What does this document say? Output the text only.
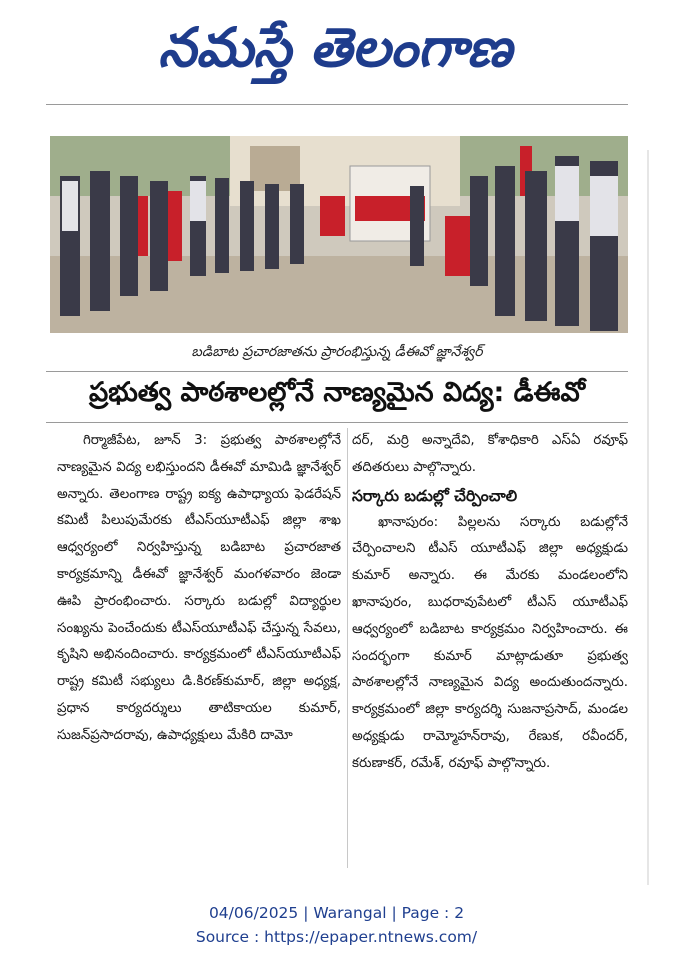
నమస్తే తెలంగాణ
బడిబాట ప్రచారజాతను ప్రారంభిస్తున్న డీఈవో జ్ఞానేశ్వర్
ప్రభుత్వ పాఠశాలల్లోనే నాణ్యమైన విద్య: డీఈవో

గిర్మాజీపేట, జూన్ 3: ప్రభుత్వ పాఠశాలల్లోనే నాణ్యమైన విద్య లభిస్తుందని డీఈవో మామిడి జ్ఞానేశ్వర్ అన్నారు. తెలంగాణ రాష్ట్ర ఐక్య ఉపాధ్యాయ ఫెడరేషన్ కమిటీ పిలుపుమేరకు టీఎస్‌యూటీఎఫ్ జిల్లా శాఖ ఆధ్వర్యంలో నిర్వహిస్తున్న బడిబాట ప్రచారజాత కార్యక్రమాన్ని డీఈవో జ్ఞానేశ్వర్ మంగళవారం జెండా ఊపి ప్రారంభించారు. సర్కారు బడుల్లో విద్యార్థుల సంఖ్యను పెంచేందుకు టీఎస్‌యూటీఎఫ్ చేస్తున్న సేవలు, కృషిని అభినందించారు. కార్యక్రమంలో టీఎస్‌యూటీఎఫ్ రాష్ట్ర కమిటీ సభ్యులు డి.కిరణ్‌కుమార్, జిల్లా అధ్యక్ష, ప్రధాన కార్యదర్శులు తాటికాయల కుమార్, సుజన్‌ప్రసాదరావు, ఉపాధ్యక్షులు మేకిరి దామో

దర్, మర్రి అన్నాదేవి, కోశాధికారి ఎస్‌ఏ రవూఫ్ తదితరులు పాల్గొన్నారు.

సర్కారు బడుల్లో చేర్పించాలి

ఖానాపురం: పిల్లలను సర్కారు బడుల్లోనే చేర్పించాలని టీఎస్ యూటీఎఫ్ జిల్లా అధ్యక్షుడు కుమార్ అన్నారు. ఈ మేరకు మండలంలోని ఖానాపురం, బుధరావుపేటలో టీఎస్ యూటీఎఫ్ ఆధ్వర్యంలో బడిబాట కార్యక్రమం నిర్వహించారు. ఈ సందర్భంగా కుమార్ మాట్లాడుతూ ప్రభుత్వ పాఠశాలల్లోనే నాణ్యమైన విద్య అందుతుందన్నారు. కార్యక్రమంలో జిల్లా కార్యదర్శి సుజనాప్రసాద్, మండల అధ్యక్షుడు రామ్మోహన్‌రావు, రేణుక, రవీందర్, కరుణాకర్, రమేశ్, రవూఫ్ పాల్గొన్నారు.

04/06/2025 | Warangal | Page : 2
Source : https://epaper.ntnews.com/
